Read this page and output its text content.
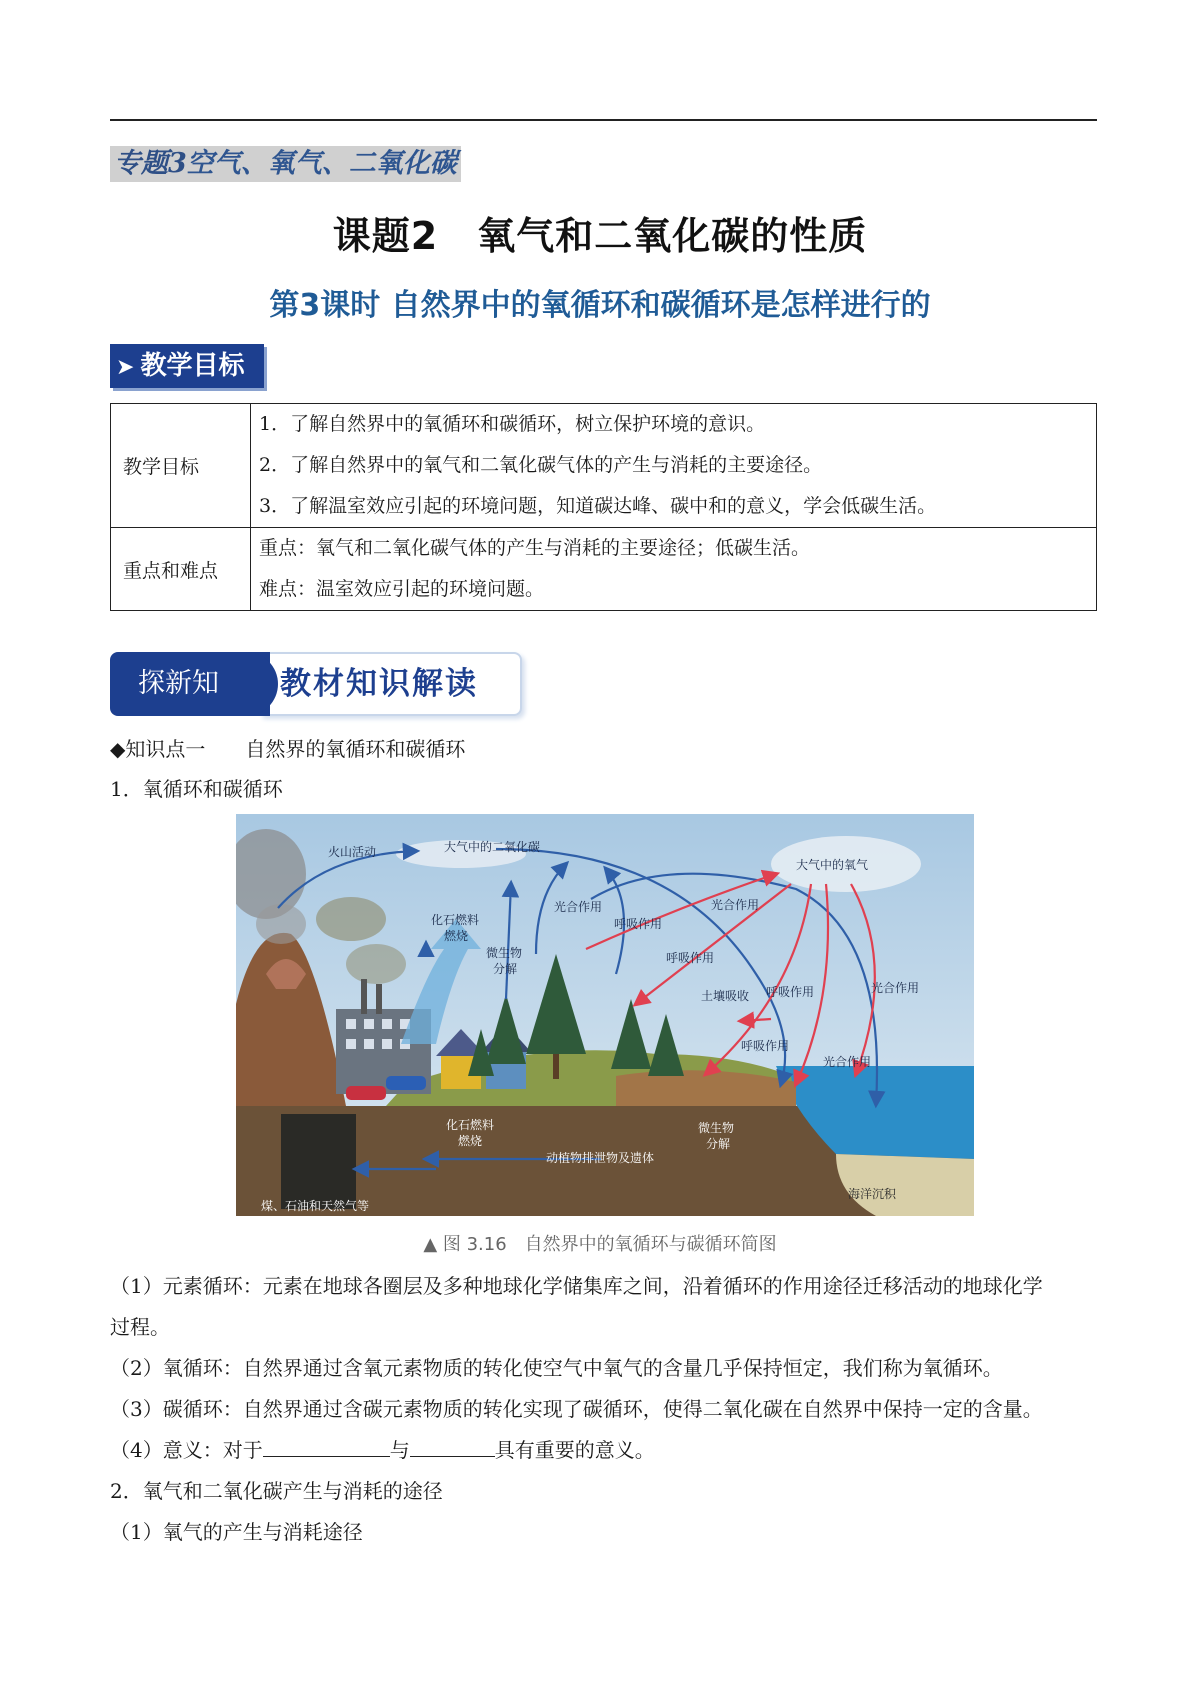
专题3空气、氧气、二氧化碳
课题2　氧气和二氧化碳的性质
第3课时 自然界中的氧循环和碳循环是怎样进行的
➤ 教学目标
教学目标	1．了解自然界中的氧循环和碳循环，树立保护环境的意识。
2．了解自然界中的氧气和二氧化碳气体的产生与消耗的主要途径。
3．了解温室效应引起的环境问题，知道碳达峰、碳中和的意义，学会低碳生活。

重点和难点	重点：氧气和二氧化碳气体的产生与消耗的主要途径；低碳生活。
难点：温室效应引起的环境问题。
探新知	教材知识解读
◆知识点一　　自然界的氧循环和碳循环
1．氧循环和碳循环
火山活动	大气中的二氧化碳
大气中的氧气
化石燃料
燃烧
微生物
分解
光合作用
呼吸作用
光合作用
呼吸作用
土壤吸收 呼吸作用	光合作用
呼吸作用
光合作用
化石燃料
燃烧
微生物
分解
动植物排泄物及遗体
煤、石油和天然气等
海洋沉积
▲ 图 3.16　自然界中的氧循环与碳循环简图
（1）元素循环：元素在地球各圈层及多种地球化学储集库之间，沿着循环的作用途径迁移活动的地球化学
过程。
（2）氧循环：自然界通过含氧元素物质的转化使空气中氧气的含量几乎保持恒定，我们称为氧循环。
（3）碳循环：自然界通过含碳元素物质的转化实现了碳循环，使得二氧化碳在自然界中保持一定的含量。
（4）意义：对于	与	具有重要的意义。
2．氧气和二氧化碳产生与消耗的途径
（1）氧气的产生与消耗途径
